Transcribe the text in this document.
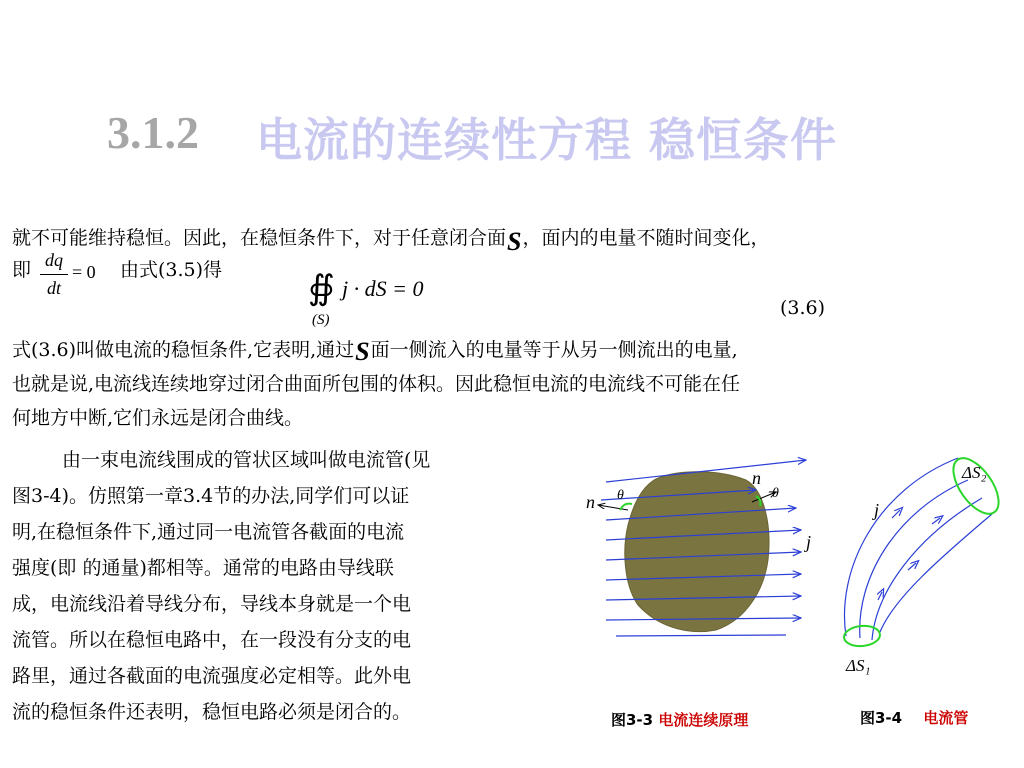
3.1.2 电流的连续性方程 稳恒条件
就不可能维持稳恒。因此，在稳恒条件下，对于任意闭合面S，面内的电量不随时间变化，
即 dq
dt
= 0 由式(3.5)得	∯ j · dS = 0
(S)
(3.6)
式(3.6)叫做电流的稳恒条件,它表明,通过S面一侧流入的电量等于从另一侧流出的电量,
也就是说,电流线连续地穿过闭合曲面所包围的体积。因此稳恒电流的电流线不可能在任
何地方中断,它们永远是闭合曲线。
由一束电流线围成的管状区域叫做电流管(见
图3-4)。仿照第一章3.4节的办法,同学们可以证
明,在稳恒条件下,通过同一电流管各截面的电流
强度(即 的通量)都相等。通常的电路由导线联
成，电流线沿着导线分布，导线本身就是一个电
流管。所以在稳恒电路中，在一段没有分支的电
路里，通过各截面的电流强度必定相等。此外电
流的稳恒条件还表明，稳恒电路必须是闭合的。
n θ
n
θ
j
图3-3 电流连续原理
j
ΔS₂
ΔS₁
图3-4 电流管
